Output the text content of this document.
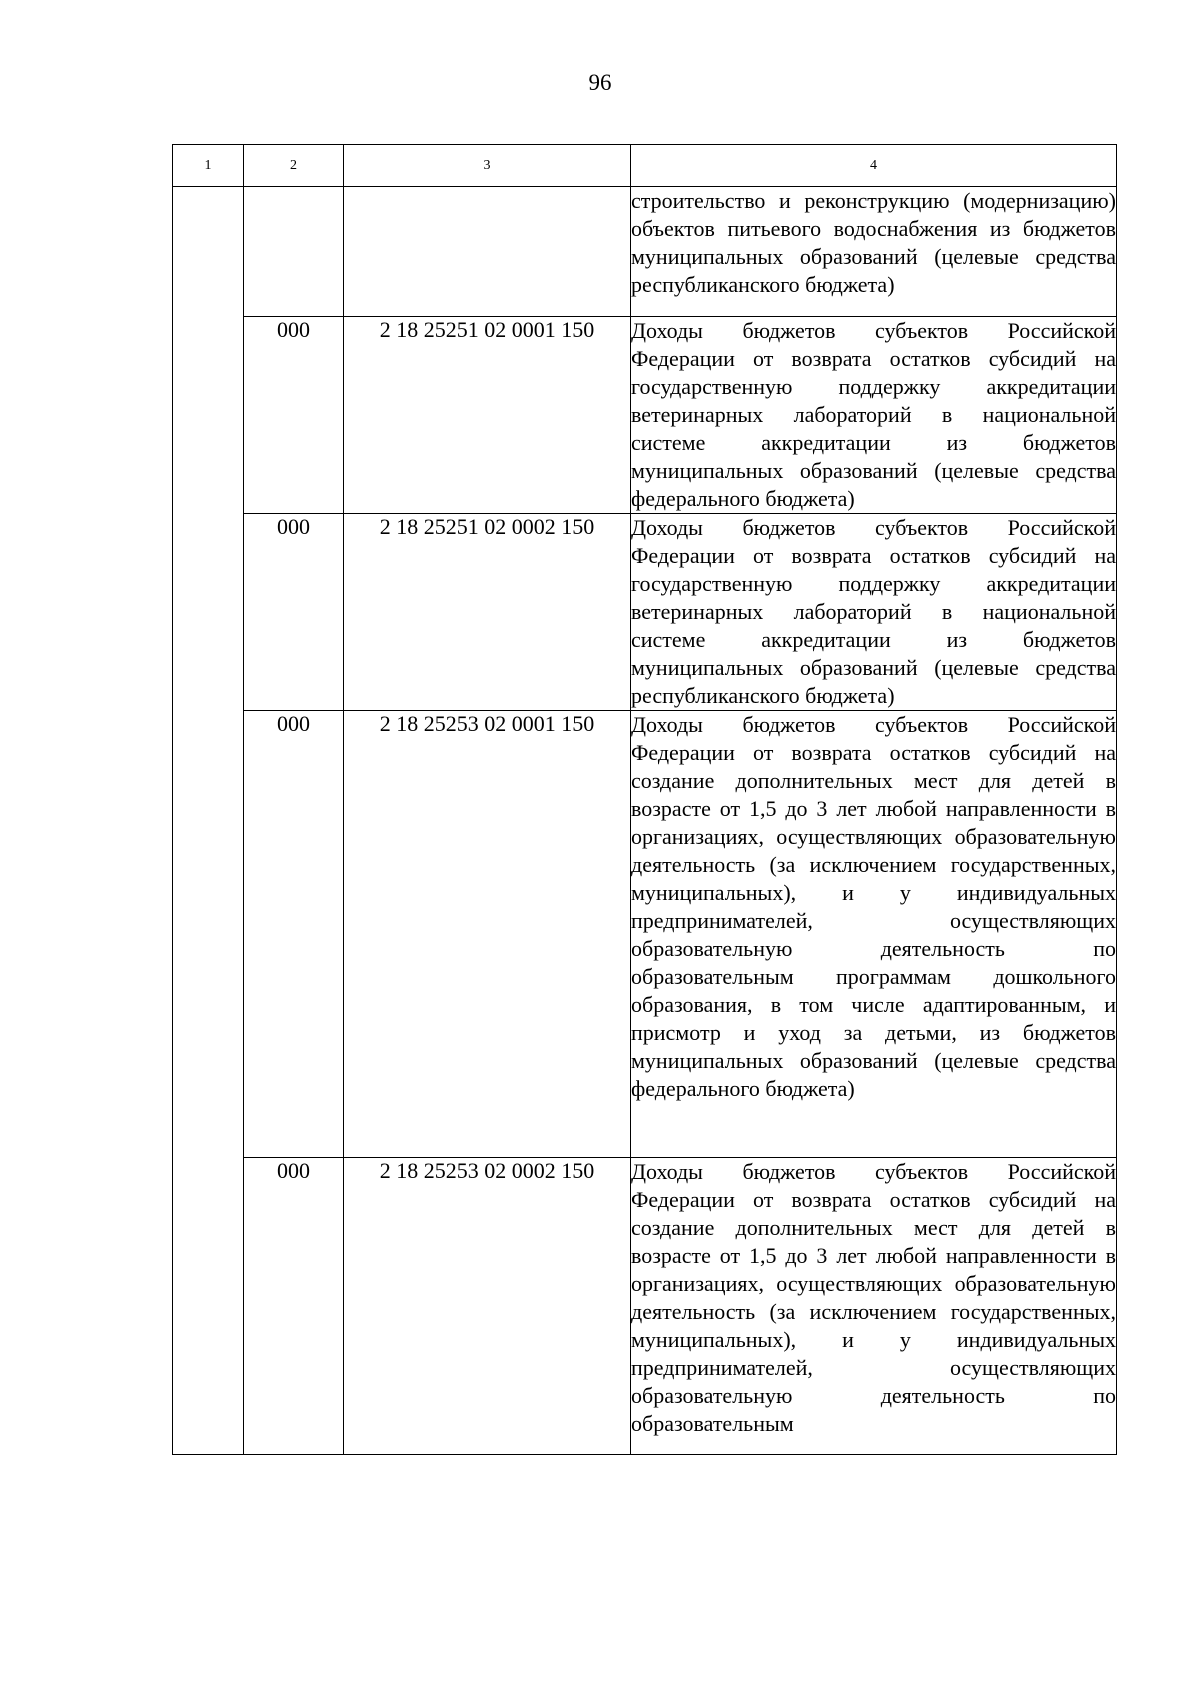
96
1	2	3	4
			строительство и реконструкцию (модернизацию) объектов питьевого водоснабжения из бюджетов муниципальных образований (целевые средства республиканского бюджета)
	000	2 18 25251 02 0001 150	Доходы бюджетов субъектов Российской Федерации от возврата остатков субсидий на государственную поддержку аккредитации ветеринарных лабораторий в национальной системе аккредитации из бюджетов муниципальных образований (целевые средства федерального бюджета)
	000	2 18 25251 02 0002 150	Доходы бюджетов субъектов Российской Федерации от возврата остатков субсидий на государственную поддержку аккредитации ветеринарных лабораторий в национальной системе аккредитации из бюджетов муниципальных образований (целевые средства республиканского бюджета)
	000	2 18 25253 02 0001 150	Доходы бюджетов субъектов Российской Федерации от возврата остатков субсидий на создание дополнительных мест для детей в возрасте от 1,5 до 3 лет любой направленности в организациях, осуществляющих образовательную деятельность (за исключением государственных, муниципальных), и у индивидуальных предпринимателей, осуществляющих образовательную деятельность по образовательным программам дошкольного образования, в том числе адаптированным, и присмотр и уход за детьми, из бюджетов муниципальных образований (целевые средства федерального бюджета)
	000	2 18 25253 02 0002 150	Доходы бюджетов субъектов Российской Федерации от возврата остатков субсидий на создание дополнительных мест для детей в возрасте от 1,5 до 3 лет любой направленности в организациях, осуществляющих образовательную деятельность (за исключением государственных, муниципальных), и у индивидуальных предпринимателей, осуществляющих образовательную деятельность по образовательным
